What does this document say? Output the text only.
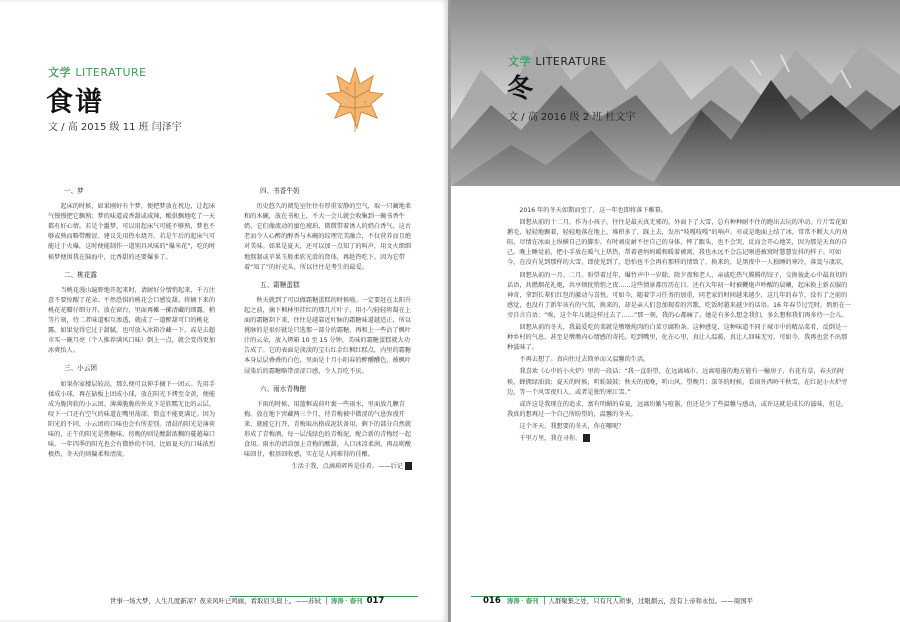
文学 LITERATURE
食谱
文 / 高 2015 级 11 班 闫泽宇
一、梦

起床的时候，如果刚好有个梦，便把梦放在枕边，让起床气慢慢把它飘熟；梦的味道或香甜或咸辣，醒俱飘地吃了一天都有好心情。若是个噩梦，可以用起床气可能不够熟，梦也不够或熟而略带酸涩。建议先用热水烧开。若是午后的起床气可能过于火爆，这时便能制作一道别具风味的“爆米花”，吃的时候梦便围我在脑海中，比香甜的还要爆多了。

二、桃花露

当桃花漫山遍野地开起来时，请耐好分情悄起来，千万注意不要惊醒了花朵。不然恐惧的桃花会口感发甜。将摘下来的桃花花瓣仔细分开，放在窗台，里面再摊一摞清藏的细露。稍等片刻，待二者味道相互渗透，就成了一道醉甜可口的桃花露。如果觉得它过于甜腻，也可放入冰箱冷藏一下，或是去超市买一碗月亮（个人推荐满风口味）倒上一点，就会变得更加冰爽怡人。

三、小云团

如果你家楼层较高，那么便可以伸手摘下一团云。先用手揉成小球，再在砧板上团成小球，放在阳光下烤至金黄，便能成为脆肉软的小云团。薄薄脆脆的外皮下是软糯无比的云层，咬下一口还有空气的味道在嘴里荡漾。简直不能更满足。因为阳光的不同，小云团的口味也会有所差别。清晨的阳光是薄荷味的，正午的阳光是焦糖味，傍晚的则是酸甜浓稠的蔓越莓口味。一年四季的阳光也会有微妙的不同，比如夏天的口味浓烈极热，冬天的则偏柔和清淡。

四、书香牛奶

历史悠久的阅览室往往有厚重安静的空气，取一只蔺地柔和的木碗，放在书柜上，不大一会儿就会收集到一碗书香牛奶，它们像流动的蜜色琥珀，微微带着诱人的奶白香气。这古老而令人心醉的醇香与木碗的纹理完美融合，不仅营养而且绝对美味。如果是夏天，还可以加一点知了的叫声，用文火细细地熬制或苹果玉般柔软光滑的肾体，再趁热吃下。因为它带着“知了”的好克头，所以往往是考生的最爱。

五、霜糖蛋糕

秋天就到了可以做霜糖蛋糕的时候啦。一定要赶在太阳升起之前，摘下枫林里挂红的那几片叶子，用小勺轻轻将凝在上面的霜糖刮下来，往往是越靠近叶脉的霜糖味道越适正，所以挑脉的是很好就是只选那一部分的霜糖，再和上一些沾了枫叶汁的云朵，放入烤箱 10 至 15 分钟，美味的霜糖蛋糕就大功告成了。它的表面是淡淡的宝石红金红枫红糕点，内里的霜糖本身层层叠叠的白色，里面是十月小阳春的醉醺醺色，被枫叶浸染后的霜糖略带涩涩口感，令人百吃不厌。

六、雨水青梅酿

下雨的时候，用篮框或荷叶裹一些雨水，里面放几颗青梅。放在地下窖藏两三个月，待青梅被中微涩的气息弥漫开来，就能它打开，青梅取出格成泥状备用，剩下的部分自然就形成了青梅酒。每一层浅绿色的青梅泥，配合新的青梅经一起食用。雨水的清凉加上青梅的酸甜，入口冰凉柔润，再品则酸味回甘，根基回收感，实在是人间难得的佳酿。

生活于我，点滴琐碎皆是佳肴。——后记	▪

世事一场大梦，人生几度新凉？夜来风叶已鸣廊，看取眉头鬓上。——苏轼  │ 涛涛 · 春刊 017
文学 LITERATURE
冬
文 / 高 2016 级 2 班 杜文宇

2016 年的冬天如期而至了，这一年也即将落下帷幕。

回想从前的十二月，作为小孩子，往往是最天真无邪的。外面下了大雪，总有种种耐不住的跑出去玩的冲动。片片雪花如鹅毛，轻轻地飘着，轻轻地落在地上，堆积多了，踩上去，发出“吱嘎吱嘎”的响声。亦或是地面上结了冰，常常不断大人的劝阻，尽情在冰面上纵横自己的脚步。有时顽皮耐不住自己的身体，摔了跟头，也不会哭，反而会开心地笑，因为那是天真的自己。晚上睡觉前，把小手放在暖气上烘热，帮着爸妈妈暖和暖着被窝，我也永远不会忘记刚进被窝时慧慧发抖的样子。可如今，在没有见到那样的大雪，即使见到了，恐怕也不会再有那样的情致了，换来的，是黑夜中一人独睡的寒冷，落寞与凄凉。

回想从前的一月、二月。盼望着过年，爆竹声中一岁除。除夕夜和老人、亲戚吃热气腾腾的饺子，交换彼此心中最真切的话语，共燃烟花礼炮，共享烦扰悄悄之夜……这些情景都历历在目。还有大年初一时被鞭炮声吵醒的晨曦，起床换上新衣服的神奇，拿到长辈们红包的激动与喜悦。可如今，随着学习任务的加重，同老家的时间越来越少，这几年的春节，没有了之前的感觉，也没有了新年该有的气氛，换来的，却是亲人们忽加现看的宫歌，吃饭时越来越少的话语。16 年春节过完时，奶奶在一旁自言自语：“唉，这个年儿就这样过去了……”那一刻，我的心都痛了。她是有多么想念我们，多么想和我们再多待一会儿。

回想从前的冬天，我最爱吃的菜就是墩墩炖肉的白菜豆腐粉条。这种感觉，这种味道不同于城市中的精品菜肴，反倒是一种乡村的气息，甚至是墩墩内心情感的寄托。吃到嘴里，化在心里，真让人温暖，真让人回味无穷。可如今，我再也尝不出那种滋味了。

不再去想了。真向往过去简单而又温馨的生活。

我喜欢《心中的小火炉》里的一段话：“我一直盼望，在远离城市、远离喧嚣的地方能有一幢房子，有花有草，春天的时候，蜂拥绿油油；夏天的时候，听蛙鼓鼓；秋天的夜晚，听山风，望晚月；深冬的时候，看窗外西岭千秋雪，在红泥小火炉旁边，等一个风雪夜归人，或者是独钓寒江雪。”

或许这是我现在的追求，富有明媚的春夏，远离纷繁与喧嚣，但还是少了些温馨与感动，或许这就是成长的滋味，但是，我真的想再过一个自己所盼望的，温馨的冬天。

这个冬天，我想要的冬天，你在哪呢？

千里万里，我在寻你。	▪

016 涛涛 · 春刊  │ 人群聚集之处，只有凡人琐事，过眼烟云，没有上帝和永恒。——周国平
